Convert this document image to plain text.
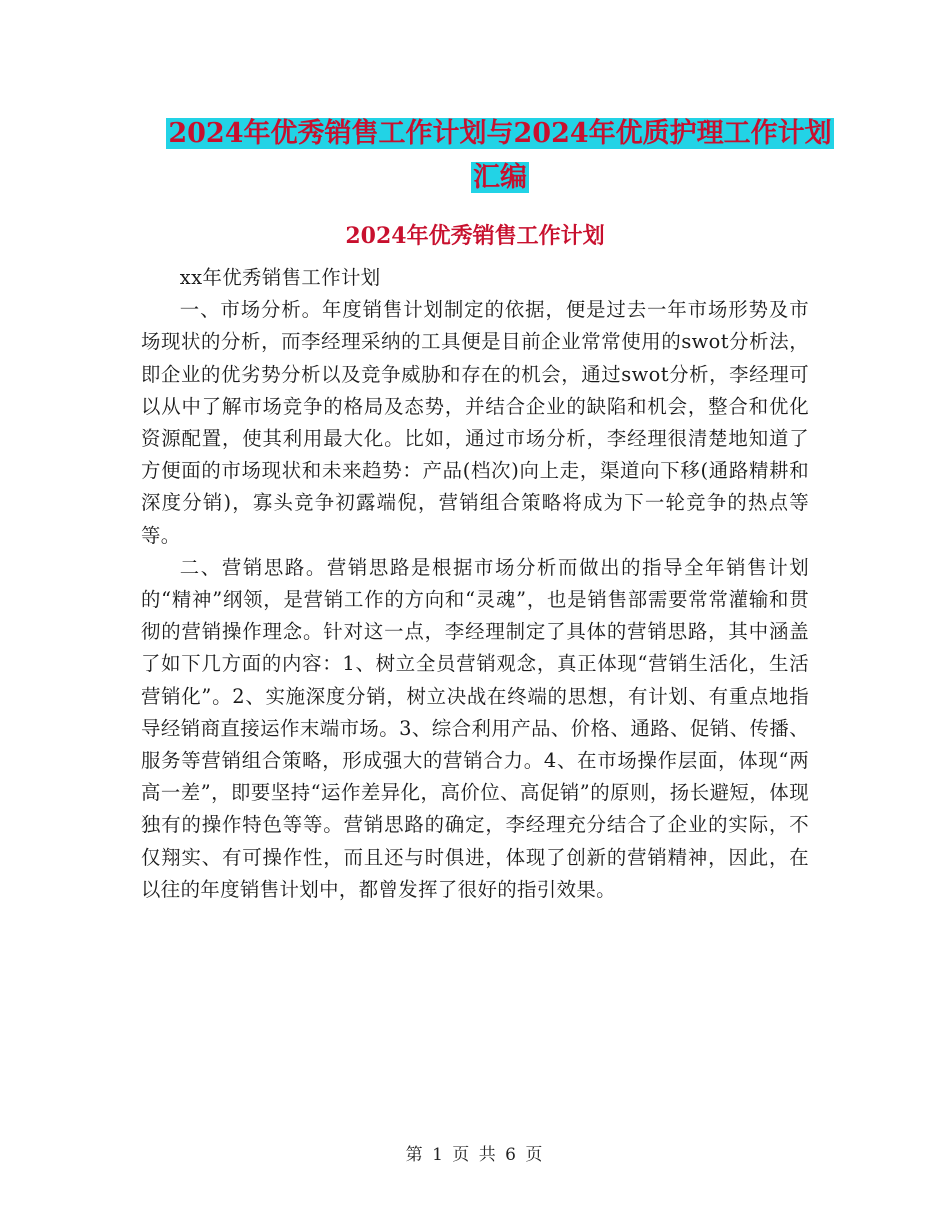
2024年优秀销售工作计划与2024年优质护理工作计划
汇编
2024年优秀销售工作计划

xx年优秀销售工作计划

一、市场分析。年度销售计划制定的依据，便是过去一年市场形势及市场现状的分析，而李经理采纳的工具便是目前企业常常使用的swot分析法，即企业的优劣势分析以及竞争威胁和存在的机会，通过swot分析，李经理可以从中了解市场竞争的格局及态势，并结合企业的缺陷和机会，整合和优化资源配置，使其利用最大化。比如，通过市场分析，李经理很清楚地知道了方便面的市场现状和未来趋势：产品(档次)向上走，渠道向下移(通路精耕和深度分销)，寡头竞争初露端倪，营销组合策略将成为下一轮竞争的热点等等。

二、营销思路。营销思路是根据市场分析而做出的指导全年销售计划的“精神”纲领，是营销工作的方向和“灵魂”，也是销售部需要常常灌输和贯彻的营销操作理念。针对这一点，李经理制定了具体的营销思路，其中涵盖了如下几方面的内容：1、树立全员营销观念，真正体现“营销生活化，生活营销化”。2、实施深度分销，树立决战在终端的思想，有计划、有重点地指导经销商直接运作末端市场。3、综合利用产品、价格、通路、促销、传播、服务等营销组合策略，形成强大的营销合力。4、在市场操作层面，体现“两高一差”，即要坚持“运作差异化，高价位、高促销”的原则，扬长避短，体现独有的操作特色等等。营销思路的确定，李经理充分结合了企业的实际，不仅翔实、有可操作性，而且还与时俱进，体现了创新的营销精神，因此，在以往的年度销售计划中，都曾发挥了很好的指引效果。

第 1 页 共 6 页
